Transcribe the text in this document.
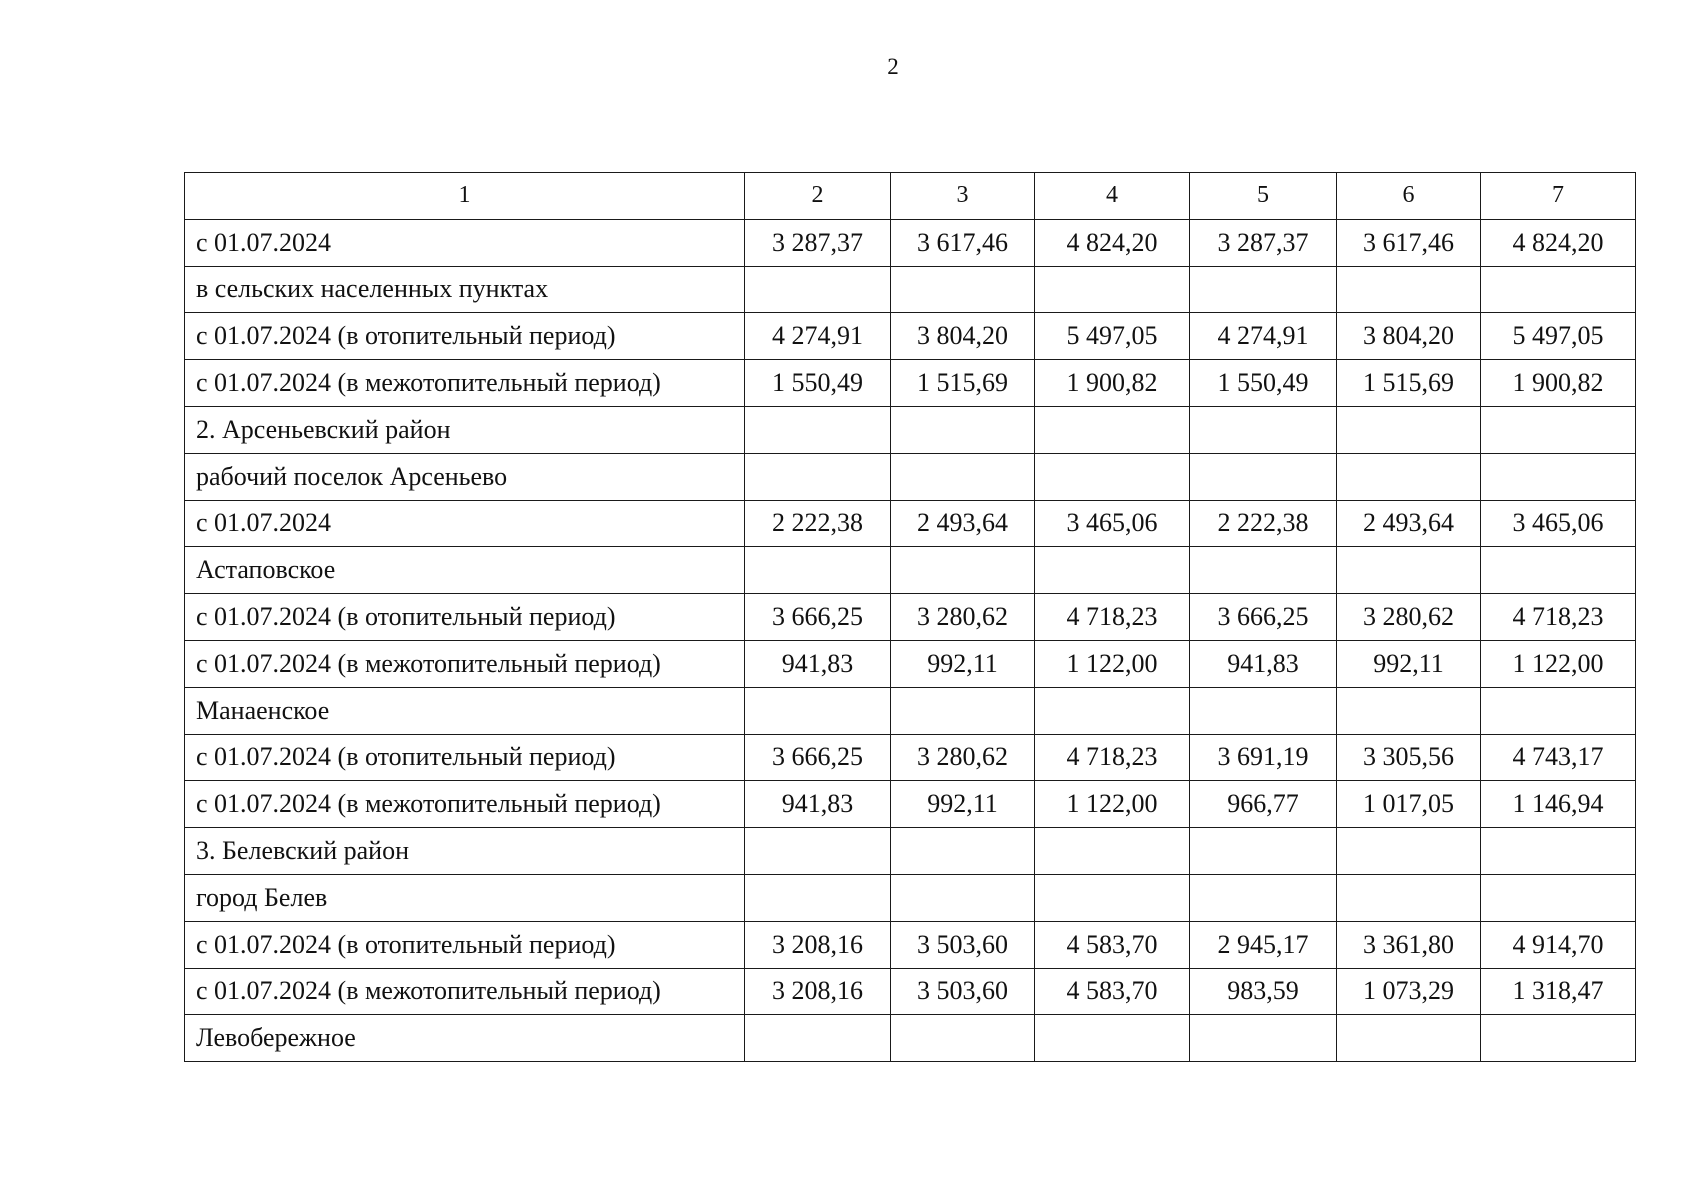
2
1	2	3	4	5	6	7
с 01.07.2024	3 287,37	3 617,46	4 824,20	3 287,37	3 617,46	4 824,20
в сельских населенных пунктах						
с 01.07.2024 (в отопительный период)	4 274,91	3 804,20	5 497,05	4 274,91	3 804,20	5 497,05
с 01.07.2024 (в межотопительный период)	1 550,49	1 515,69	1 900,82	1 550,49	1 515,69	1 900,82
2. Арсеньевский район						
рабочий поселок Арсеньево						
с 01.07.2024	2 222,38	2 493,64	3 465,06	2 222,38	2 493,64	3 465,06
Астаповское						
с 01.07.2024 (в отопительный период)	3 666,25	3 280,62	4 718,23	3 666,25	3 280,62	4 718,23
с 01.07.2024 (в межотопительный период)	941,83	992,11	1 122,00	941,83	992,11	1 122,00
Манаенское						
с 01.07.2024 (в отопительный период)	3 666,25	3 280,62	4 718,23	3 691,19	3 305,56	4 743,17
с 01.07.2024 (в межотопительный период)	941,83	992,11	1 122,00	966,77	1 017,05	1 146,94
3. Белевский район						
город Белев						
с 01.07.2024 (в отопительный период)	3 208,16	3 503,60	4 583,70	2 945,17	3 361,80	4 914,70
с 01.07.2024 (в межотопительный период)	3 208,16	3 503,60	4 583,70	983,59	1 073,29	1 318,47
Левобережное						
